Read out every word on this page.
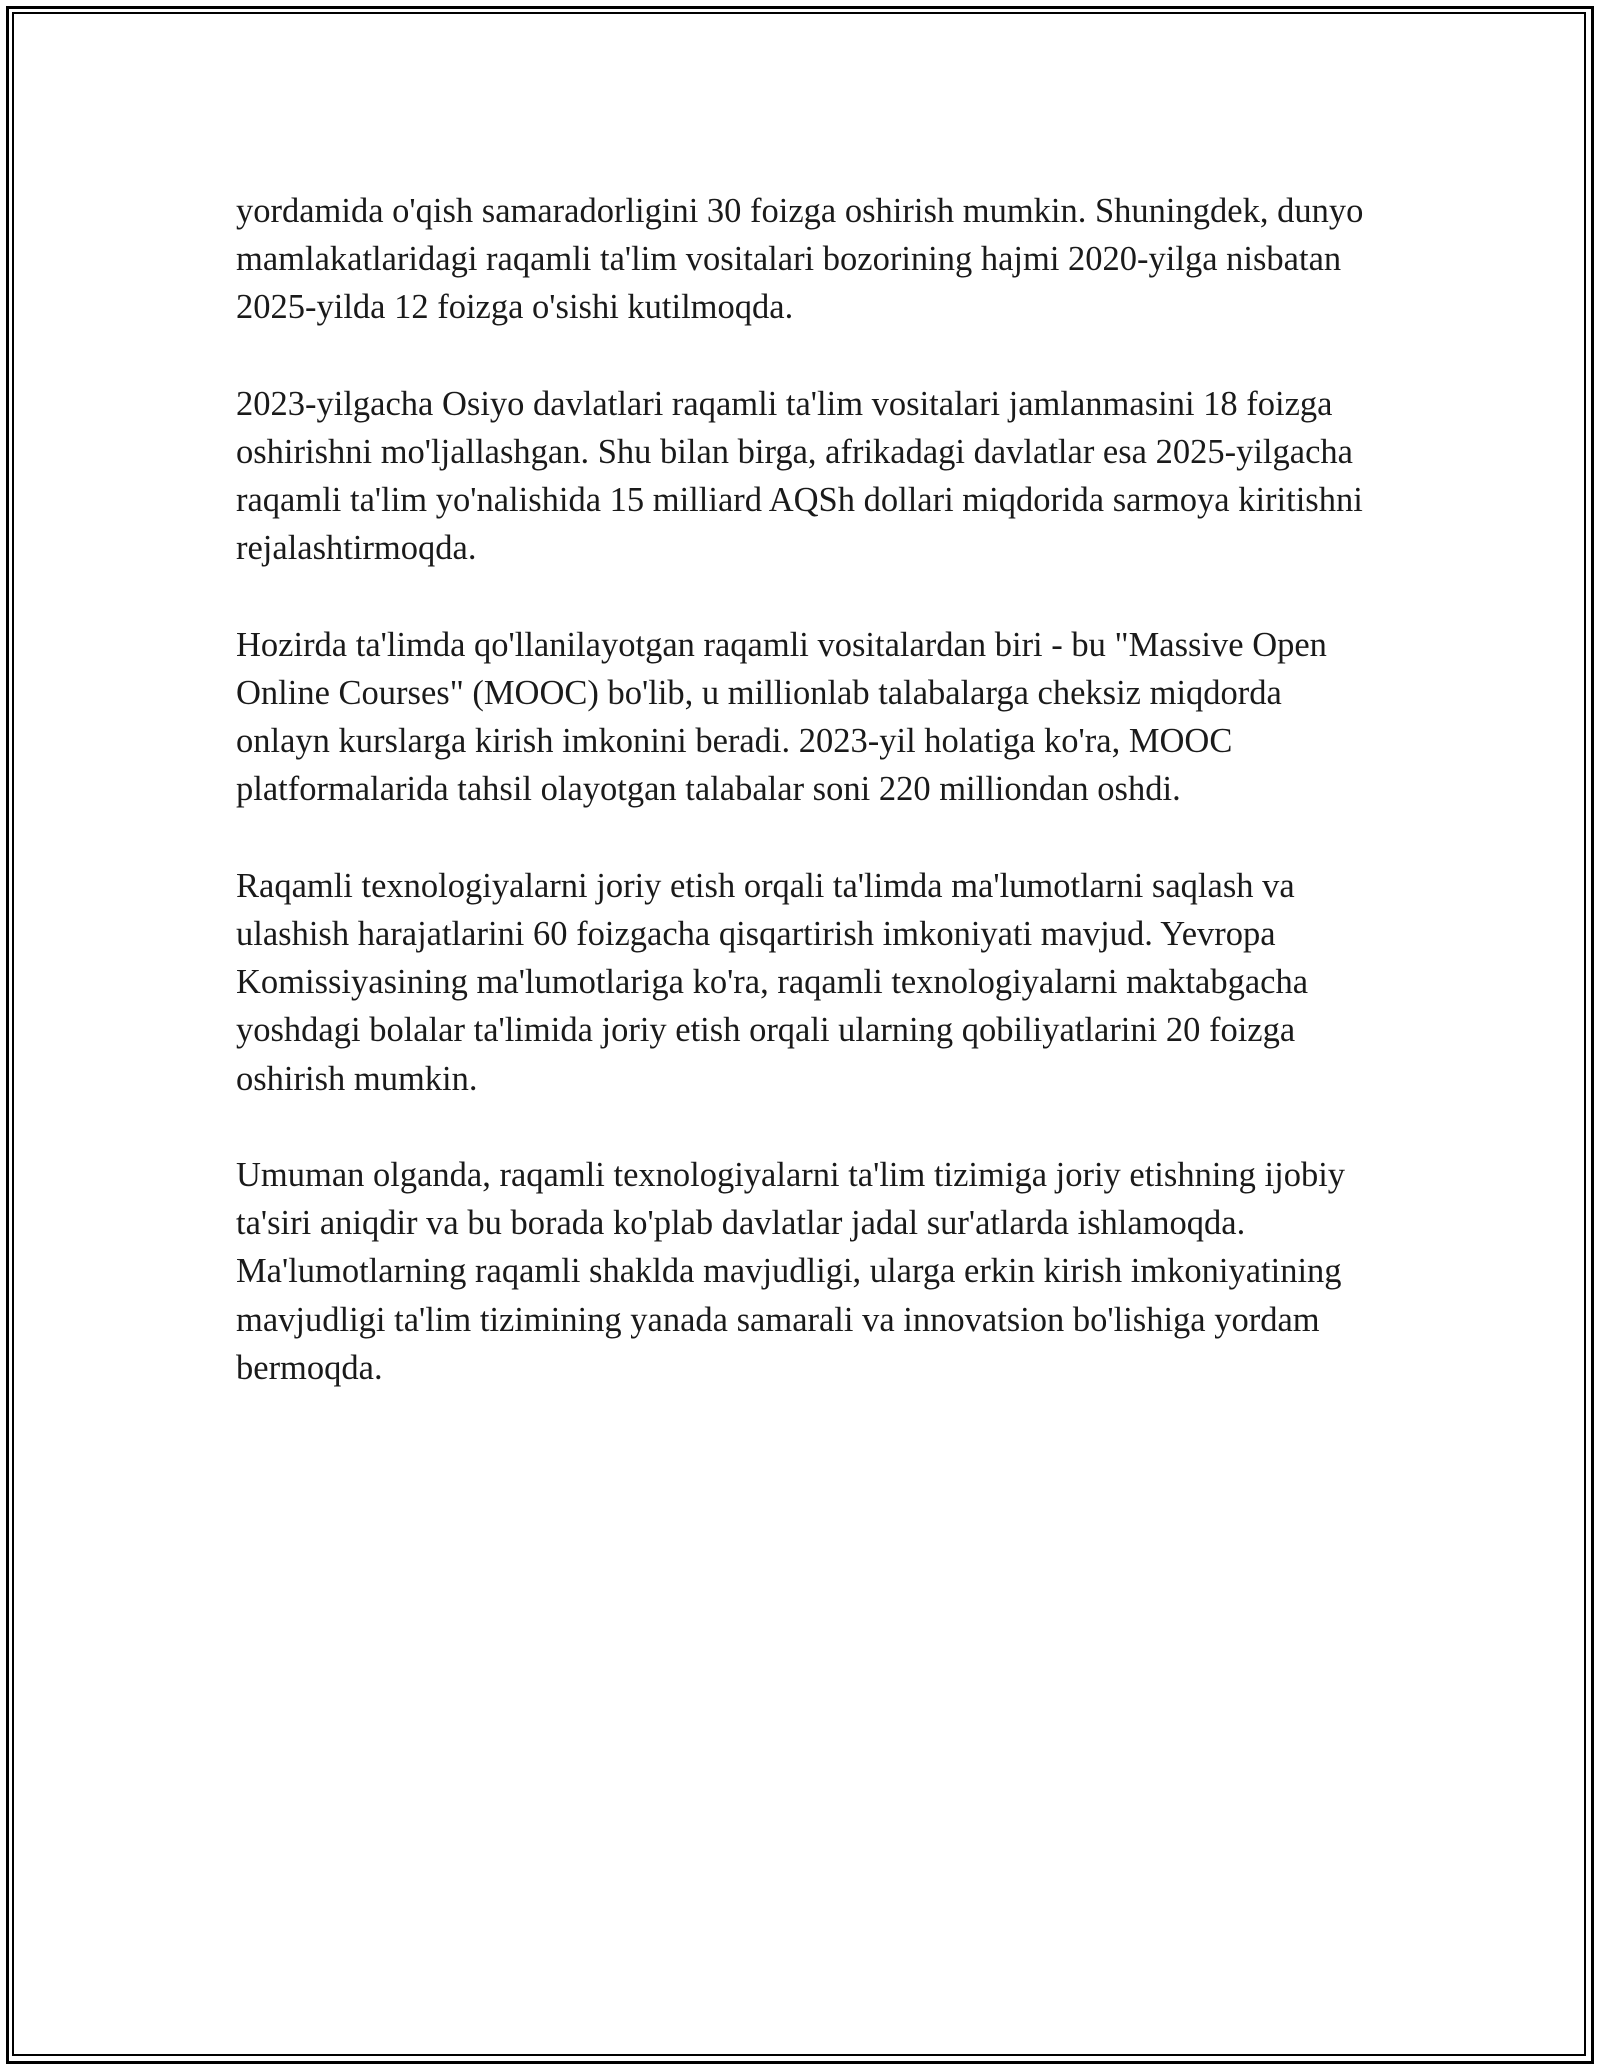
yordamida o'qish samaradorligini 30 foizga oshirish mumkin. Shuningdek, dunyo mamlakatlaridagi raqamli ta'lim vositalari bozorining hajmi 2020-yilga nisbatan 2025-yilda 12 foizga o'sishi kutilmoqda.

2023-yilgacha Osiyo davlatlari raqamli ta'lim vositalari jamlanmasini 18 foizga oshirishni mo'ljallashgan. Shu bilan birga, afrikadagi davlatlar esa 2025-yilgacha raqamli ta'lim yo'nalishida 15 milliard AQSh dollari miqdorida sarmoya kiritishni rejalashtirmoqda.

Hozirda ta'limda qo'llanilayotgan raqamli vositalardan biri - bu "Massive Open Online Courses" (MOOC) bo'lib, u millionlab talabalarga cheksiz miqdorda onlayn kurslarga kirish imkonini beradi. 2023-yil holatiga ko'ra, MOOC platformalarida tahsil olayotgan talabalar soni 220 milliondan oshdi.

Raqamli texnologiyalarni joriy etish orqali ta'limda ma'lumotlarni saqlash va ulashish harajatlarini 60 foizgacha qisqartirish imkoniyati mavjud. Yevropa Komissiyasining ma'lumotlariga ko'ra, raqamli texnologiyalarni maktabgacha yoshdagi bolalar ta'limida joriy etish orqali ularning qobiliyatlarini 20 foizga oshirish mumkin.

Umuman olganda, raqamli texnologiyalarni ta'lim tizimiga joriy etishning ijobiy ta'siri aniqdir va bu borada ko'plab davlatlar jadal sur'atlarda ishlamoqda. Ma'lumotlarning raqamli shaklda mavjudligi, ularga erkin kirish imkoniyatining mavjudligi ta'lim tizimining yanada samarali va innovatsion bo'lishiga yordam bermoqda.
